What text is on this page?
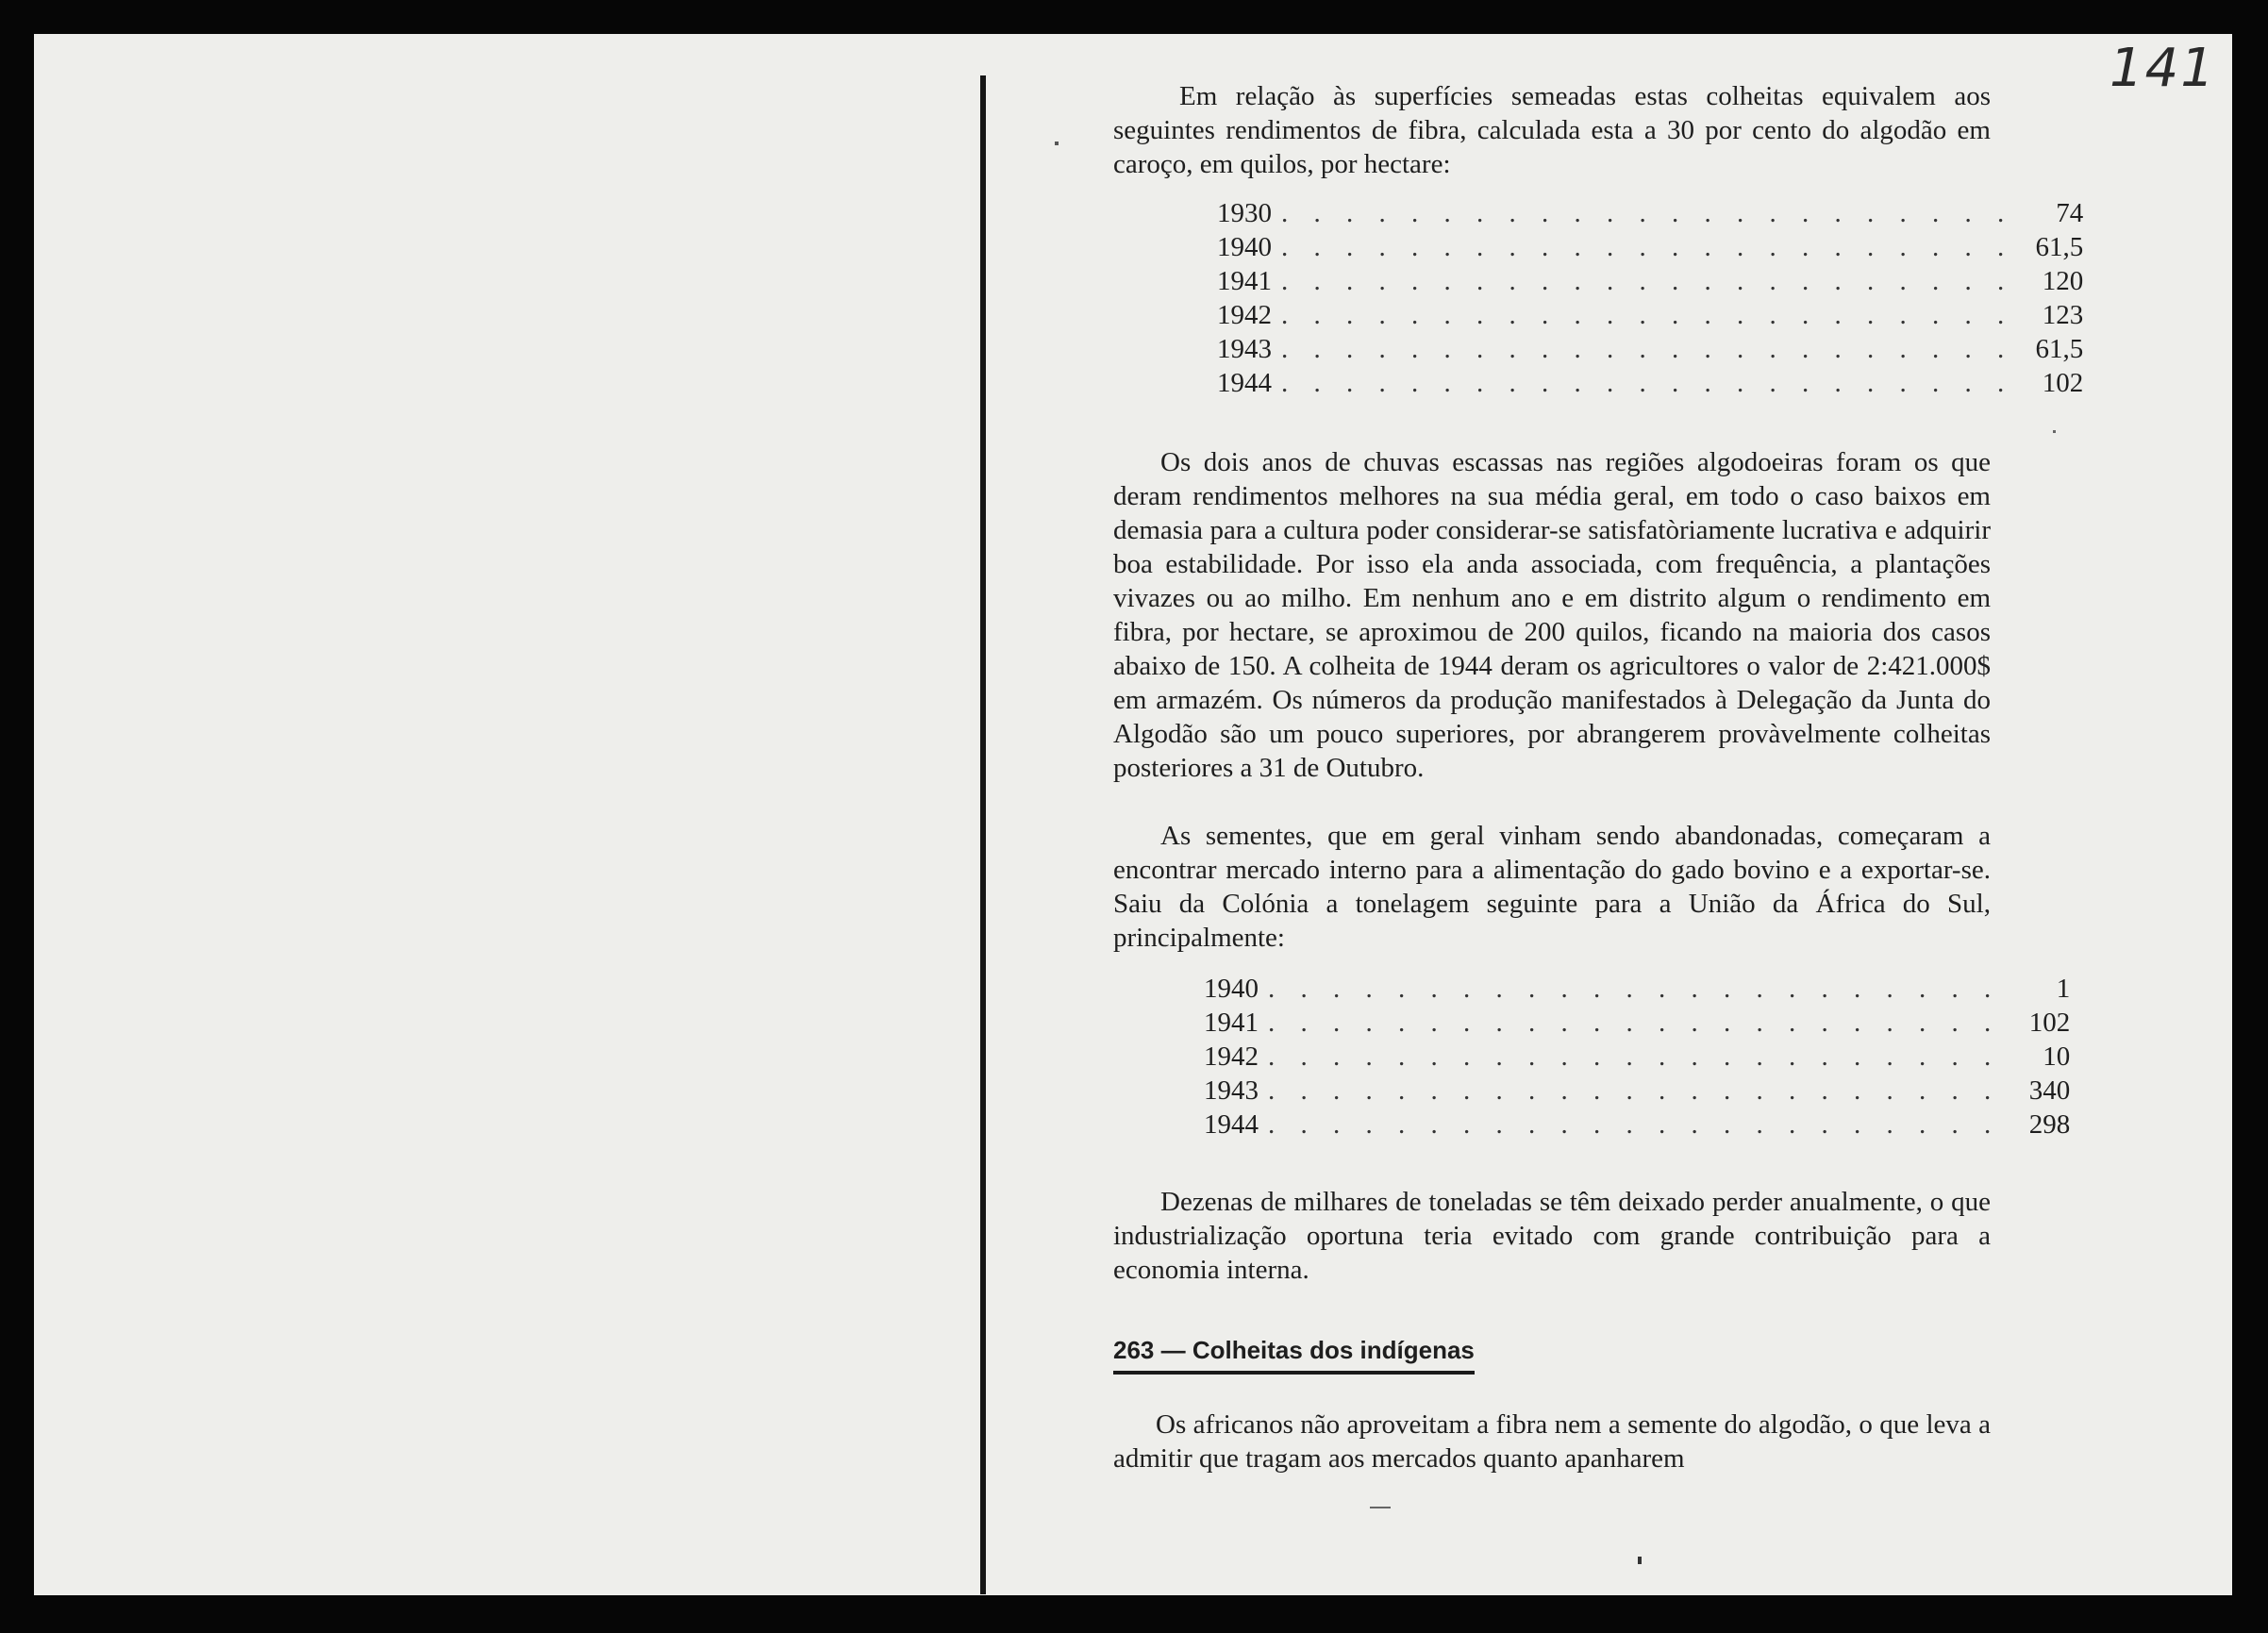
141

Em relação às superfícies semeadas estas colheitas equivalem aos seguintes rendimentos de fibra, calculada esta a 30 por cento do algodão em caroço, em quilos, por hectare:

1930 . . . . . . . . . . . . . . . . . . . . . . .	74
1940 . . . . . . . . . . . . . . . . . . . . . . . 61,5
1941 . . . . . . . . . . . . . . . . . . . . . . .	120
1942 . . . . . . . . . . . . . . . . . . . . . . .	123
1943 . . . . . . . . . . . . . . . . . . . . . . . 61,5
1944 . . . . . . . . . . . . . . . . . . . . . . .	102

Os dois anos de chuvas escassas nas regiões algodoeiras foram os que deram rendimentos melhores na sua média geral, em todo o caso baixos em demasia para a cultura poder considerar-se satisfatòriamente lucrativa e adquirir boa estabilidade. Por isso ela anda associada, com frequência, a plantações vivazes ou ao milho. Em nenhum ano e em distrito algum o rendimento em fibra, por hectare, se aproximou de 200 quilos, ficando na maioria dos casos abaixo de 150. A colheita de 1944 deram os agricultores o valor de 2:421.000$ em armazém. Os números da produção manifestados à Delegação da Junta do Algodão são um pouco superiores, por abrangerem provàvelmente colheitas posteriores a 31 de Outubro.

As sementes, que em geral vinham sendo abandonadas, começaram a encontrar mercado interno para a alimentação do gado bovino e a exportar-se. Saiu da Colónia a tonelagem seguinte para a União da África do Sul, principalmente:

1940 . . . . . . . . . . . . . . . . . . . . . . .	1
1941 . . . . . . . . . . . . . . . . . . . . . . .	102
1942 . . . . . . . . . . . . . . . . . . . . . . .	10
1943 . . . . . . . . . . . . . . . . . . . . . . .	340
1944 . . . . . . . . . . . . . . . . . . . . . . .	298

Dezenas de milhares de toneladas se têm deixado perder anualmente, o que industrialização oportuna teria evitado com grande contribuição para a economia interna.

263 — Colheitas dos indígenas

Os africanos não aproveitam a fibra nem a semente do algodão, o que leva a admitir que tragam aos mercados quanto apanharem
